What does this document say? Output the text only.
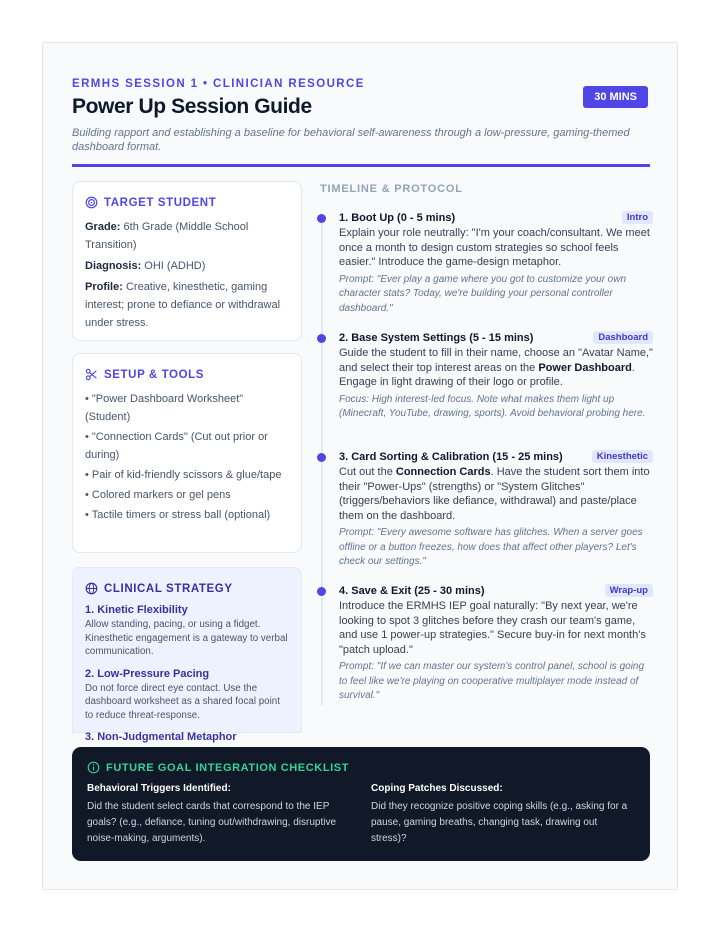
ERMHS SESSION 1 • CLINICIAN RESOURCE
Power Up Session Guide	30 MINS
Building rapport and establishing a baseline for behavioral self-awareness through a low-pressure, gaming-themed dashboard format.
TARGET STUDENT

Grade: 6th Grade (Middle School Transition)

Diagnosis: OHI (ADHD)

Profile: Creative, kinesthetic, gaming interest; prone to defiance or withdrawal under stress.

SETUP & TOOLS
• "Power Dashboard Worksheet" (Student)
• "Connection Cards" (Cut out prior or during)
• Pair of kid-friendly scissors & glue/tape
• Colored markers or gel pens
• Tactile timers or stress ball (optional)
CLINICAL STRATEGY
1. Kinetic Flexibility
Allow standing, pacing, or using a fidget. Kinesthetic engagement is a gateway to verbal communication.
2. Low-Pressure Pacing
Do not force direct eye contact. Use the dashboard worksheet as a shared focal point to reduce threat-response.
3. Non-Judgmental Metaphor
TIMELINE & PROTOCOL
1. Boot Up (0 - 5 mins)	Intro
Explain your role neutrally: "I'm your coach/consultant. We meet once a month to design custom strategies so school feels easier." Introduce the game-design metaphor.
Prompt: "Ever play a game where you got to customize your own character stats? Today, we're building your personal controller dashboard."
2. Base System Settings (5 - 15 mins)	Dashboard
Guide the student to fill in their name, choose an "Avatar Name," and select their top interest areas on the Power Dashboard. Engage in light drawing of their logo or profile.
Focus: High interest-led focus. Note what makes them light up (Minecraft, YouTube, drawing, sports). Avoid behavioral probing here.
3. Card Sorting & Calibration (15 - 25 mins)	Kinesthetic
Cut out the Connection Cards. Have the student sort them into their "Power-Ups" (strengths) or "System Glitches" (triggers/behaviors like defiance, withdrawal) and paste/place them on the dashboard.
Prompt: "Every awesome software has glitches. When a server goes offline or a button freezes, how does that affect other players? Let's check our settings."
4. Save & Exit (25 - 30 mins)	Wrap-up
Introduce the ERMHS IEP goal naturally: "By next year, we're looking to spot 3 glitches before they crash our team's game, and use 1 power-up strategies." Secure buy-in for next month's "patch upload."
Prompt: "If we can master our system's control panel, school is going to feel like we're playing on cooperative multiplayer mode instead of survival."
FUTURE GOAL INTEGRATION CHECKLIST
Behavioral Triggers Identified:
Did the student select cards that correspond to the IEP goals? (e.g., defiance, tuning out/withdrawing, disruptive noise-making, arguments).
Coping Patches Discussed:
Did they recognize positive coping skills (e.g., asking for a pause, gaming breaths, changing task, drawing out stress)?
